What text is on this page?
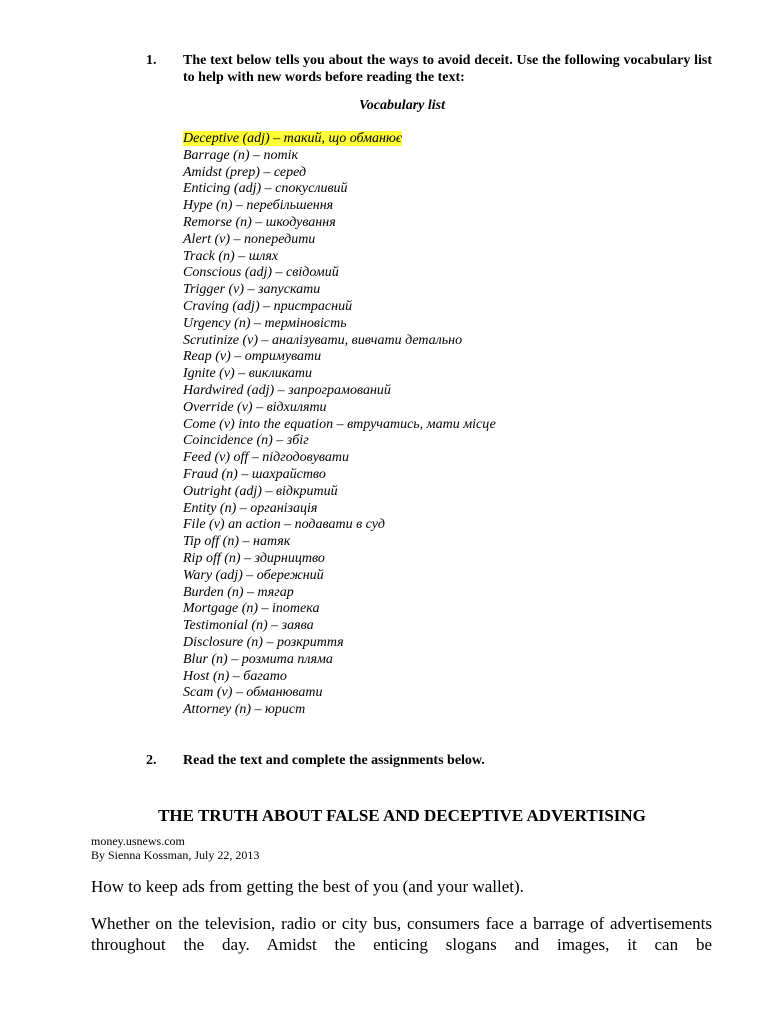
1. The text below tells you about the ways to avoid deceit. Use the following vocabulary list to help with new words before reading the text:
Vocabulary list
Deceptive (adj) – такий, що обманює
Barrage (n) – потік
Amidst (prep) – серед
Enticing (adj) – спокусливий
Hype (n) – перебільшення
Remorse (n) – шкодування
Alert (v) – попередити
Track (n) – шлях
Conscious (adj) – свідомий
Trigger (v) – запускати
Craving (adj) – пристрасний
Urgency (n) – терміновість
Scrutinize (v) – аналізувати, вивчати детально
Reap (v) – отримувати
Ignite (v) – викликати
Hardwired (adj) – запрограмований
Override (v) – відхиляти
Come (v) into the equation – втручатись, мати місце
Coincidence (n) – збіг
Feed (v) off – підгодовувати
Fraud (n) – шахрайство
Outright (adj) – відкритий
Entity (n) – організація
File (v) an action – подавати в суд
Tip off (n) – натяк
Rip off (n) – здирництво
Wary (adj) – обережний
Burden (n) – тягар
Mortgage (n) – іпотека
Testimonial (n) – заява
Disclosure (n) – розкриття
Blur (n) – розмита пляма
Host (n) – багато
Scam (v) – обманювати
Attorney (n) – юрист
2. Read the text and complete the assignments below.
THE TRUTH ABOUT FALSE AND DECEPTIVE ADVERTISING
money.usnews.com
By Sienna Kossman, July 22, 2013
How to keep ads from getting the best of you (and your wallet).
Whether on the television, radio or city bus, consumers face a barrage of advertisements throughout the day. Amidst the enticing slogans and images, it can be
